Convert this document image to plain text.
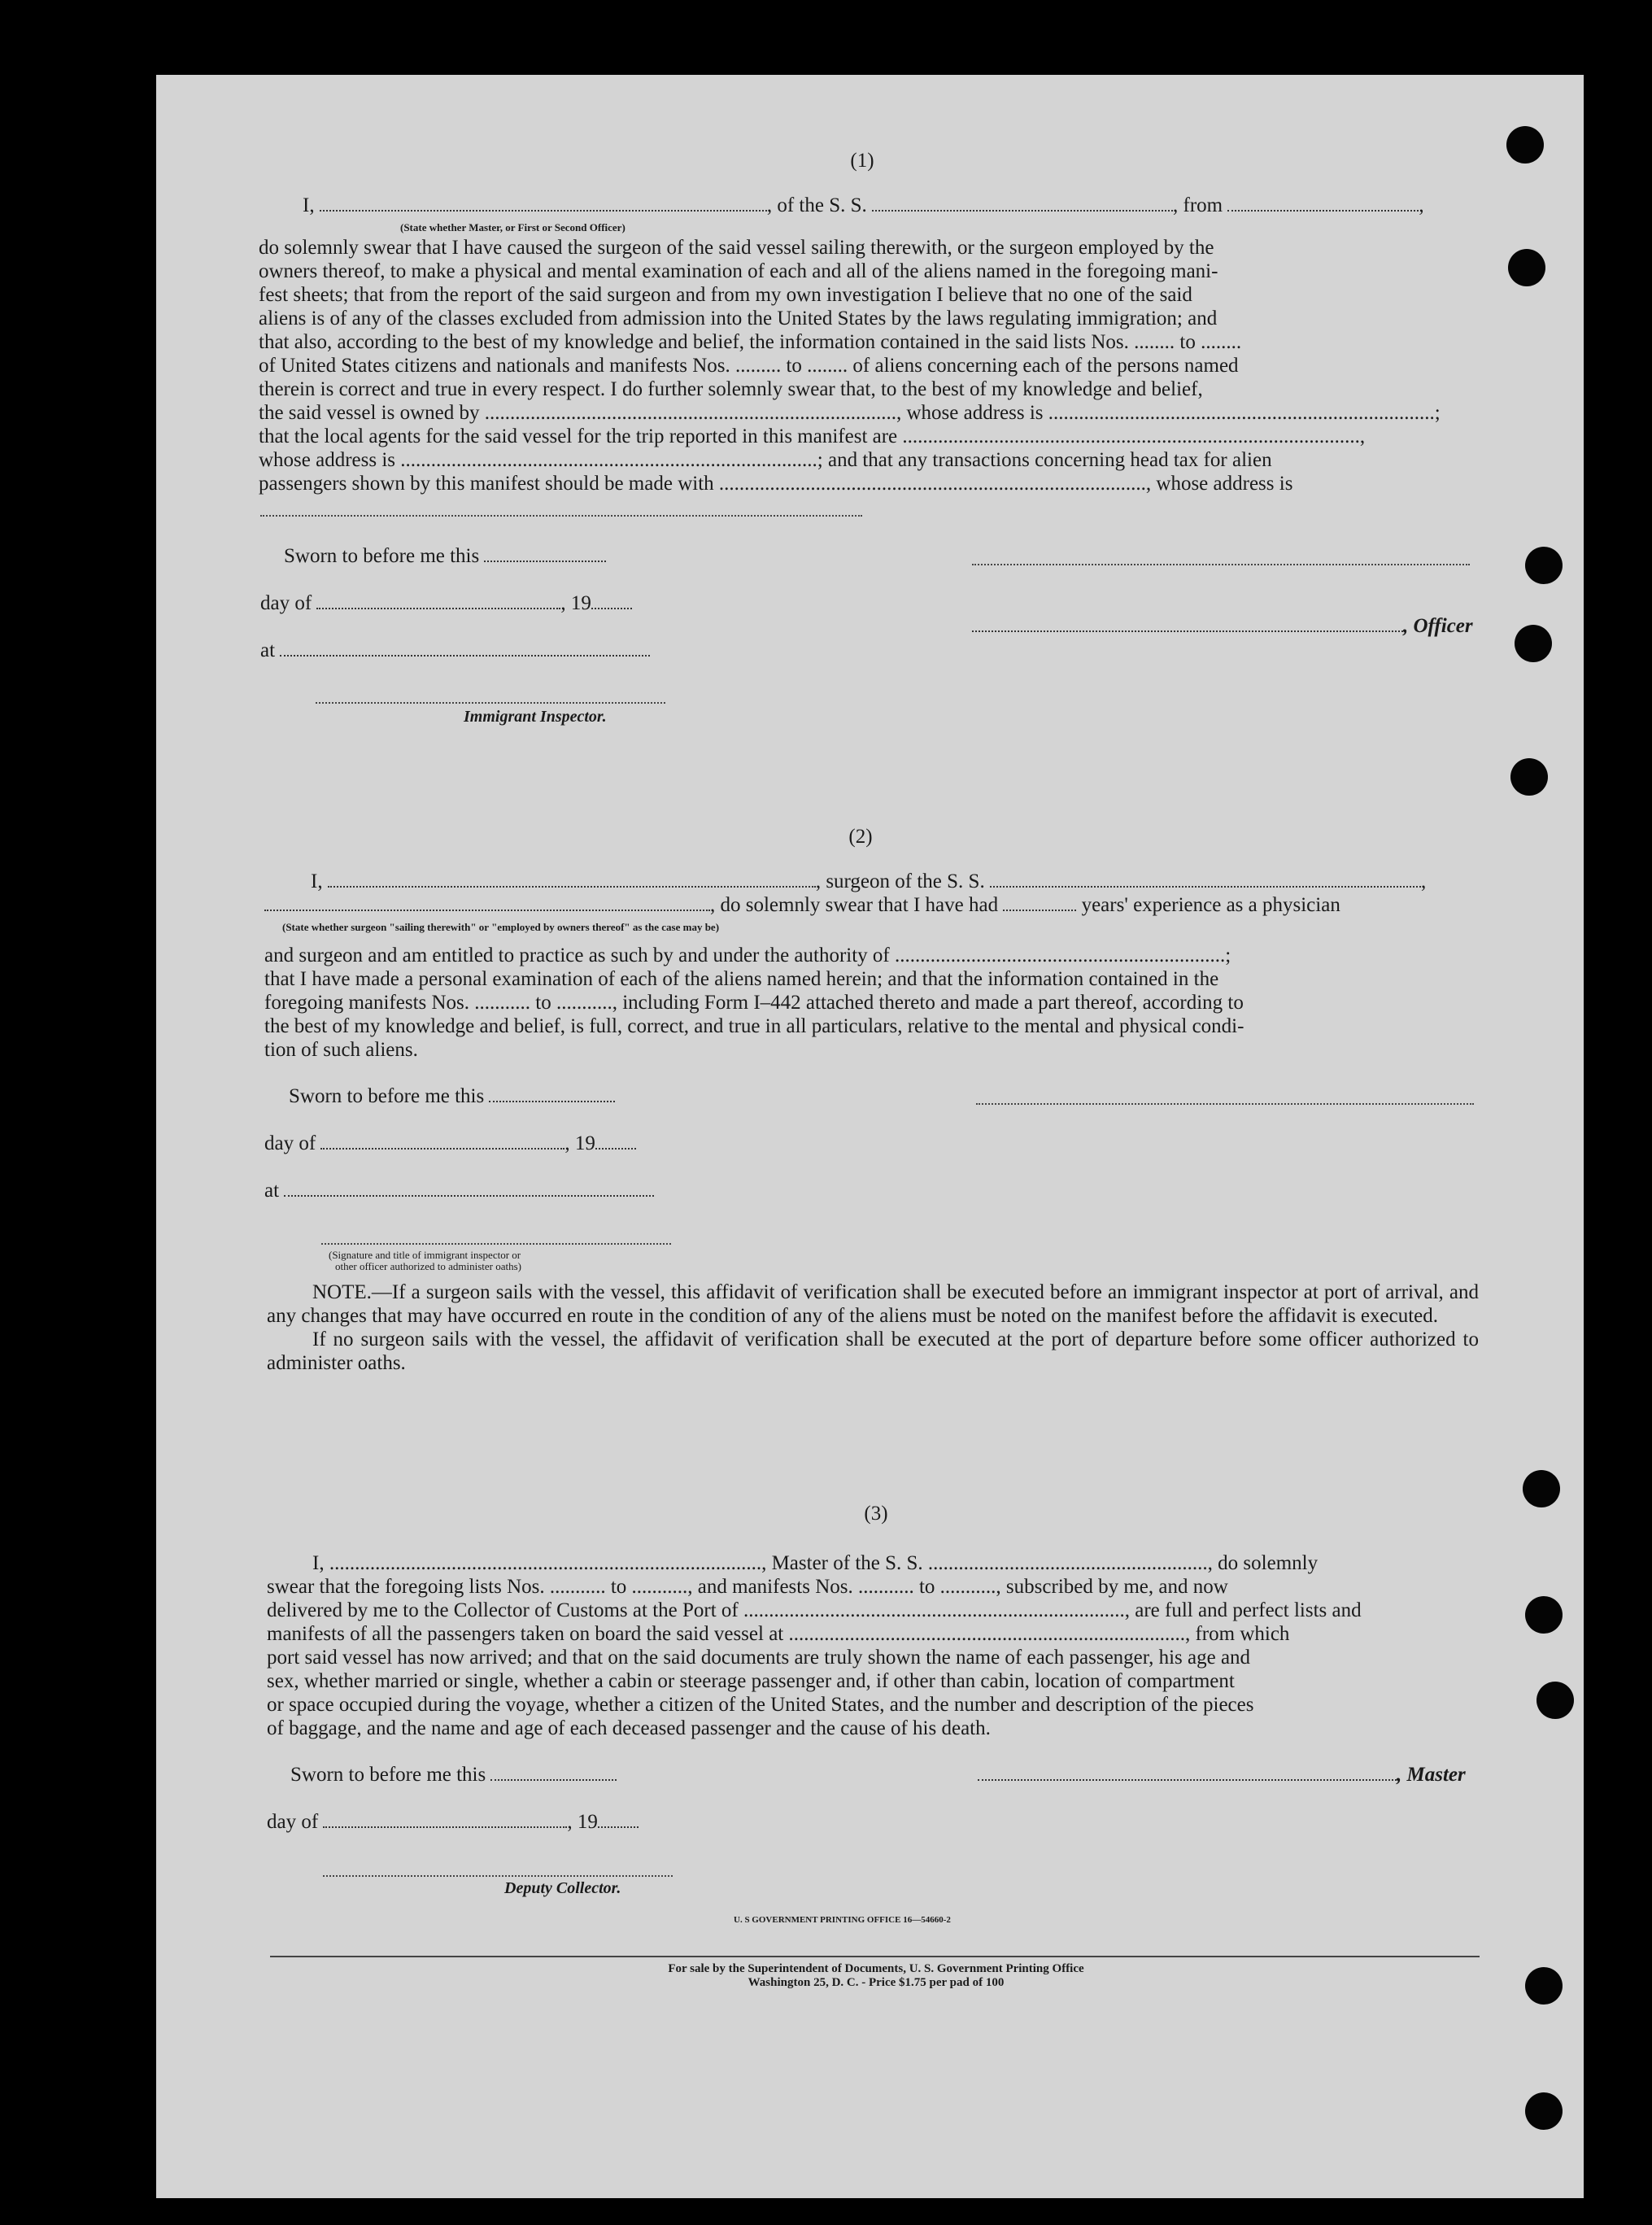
(1)
I,	, of the S. S.	, from	,
(State whether Master, or First or Second Officer)
do solemnly swear that I have caused the surgeon of the said vessel sailing therewith, or the surgeon employed by the
owners thereof, to make a physical and mental examination of each and all of the aliens named in the foregoing mani-
fest sheets; that from the report of the said surgeon and from my own investigation I believe that no one of the said
aliens is of any of the classes excluded from admission into the United States by the laws regulating immigration; and
that also, according to the best of my knowledge and belief, the information contained in the said lists Nos. ........ to ........
of United States citizens and nationals and manifests Nos. ......... to ........ of aliens concerning each of the persons named
therein is correct and true in every respect. I do further solemnly swear that, to the best of my knowledge and belief,
the said vessel is owned by ................................................................................., whose address is ............................................................................;
that the local agents for the said vessel for the trip reported in this manifest are ..........................................................................................,
whose address is ..................................................................................; and that any transactions concerning head tax for alien
passengers shown by this manifest should be made with ...................................................................................., whose address is
Sworn to before me this
day of	, 19
, Officer
at
Immigrant Inspector.
(2)
I,	, surgeon of the S. S.	,
, do solemnly swear that I have had	years' experience as a physician
(State whether surgeon "sailing therewith" or "employed by owners thereof" as the case may be)
and surgeon and am entitled to practice as such by and under the authority of .................................................................;
that I have made a personal examination of each of the aliens named herein; and that the information contained in the
foregoing manifests Nos. ........... to ..........., including Form I–442 attached thereto and made a part thereof, according to
the best of my knowledge and belief, is full, correct, and true in all particulars, relative to the mental and physical condi-
tion of such aliens.
Sworn to before me this
day of	, 19
at
(Signature and title of immigrant inspector or
other officer authorized to administer oaths)
NOTE.—If a surgeon sails with the vessel, this affidavit of verification shall be executed before an immigrant inspector at port of arrival, and any changes that may have occurred en route in the condition of any of the aliens must be noted on the manifest before the affidavit is executed.
If no surgeon sails with the vessel, the affidavit of verification shall be executed at the port of departure before some officer authorized to administer oaths.
(3)
I, ....................................................................................., Master of the S. S. ......................................................., do solemnly
swear that the foregoing lists Nos. ........... to ..........., and manifests Nos. ........... to ..........., subscribed by me, and now
delivered by me to the Collector of Customs at the Port of ..........................................................................., are full and perfect lists and
manifests of all the passengers taken on board the said vessel at .............................................................................., from which
port said vessel has now arrived; and that on the said documents are truly shown the name of each passenger, his age and
sex, whether married or single, whether a cabin or steerage passenger and, if other than cabin, location of compartment
or space occupied during the voyage, whether a citizen of the United States, and the number and description of the pieces
of baggage, and the name and age of each deceased passenger and the cause of his death.
Sworn to before me this	, Master
day of	, 19
Deputy Collector.
U. S GOVERNMENT PRINTING OFFICE 16—54660-2
For sale by the Superintendent of Documents, U. S. Government Printing Office
Washington 25, D. C. - Price $1.75 per pad of 100
